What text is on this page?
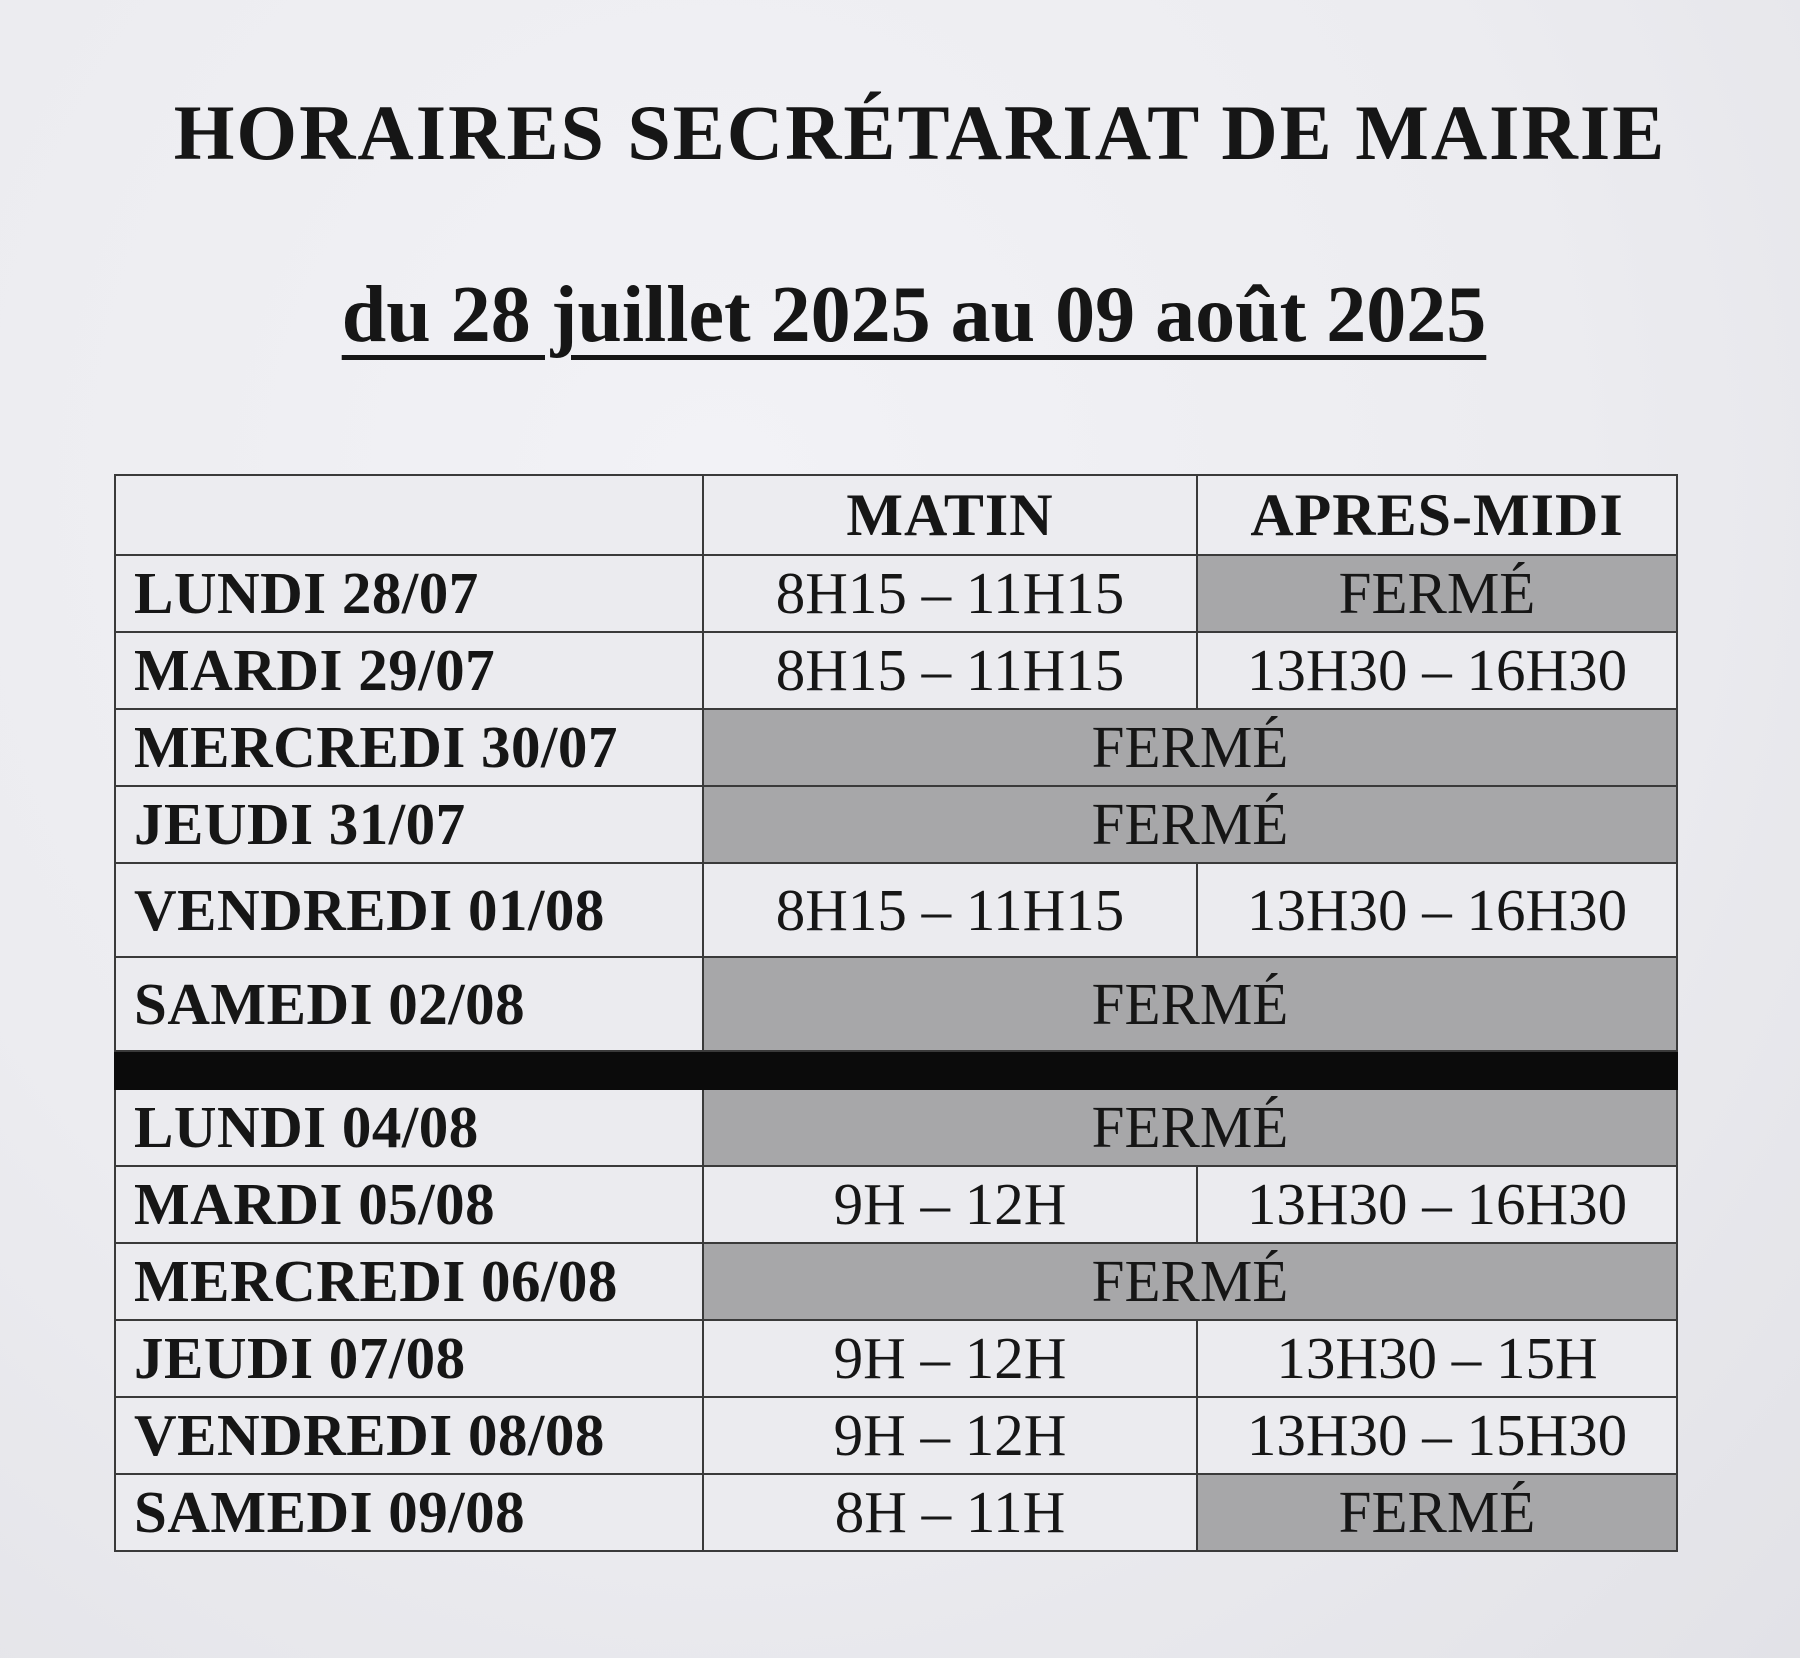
HORAIRES SECRÉTARIAT DE MAIRIE
du 28 juillet 2025 au 09 août 2025
	MATIN	APRES-MIDI
LUNDI 28/07	8H15 – 11H15	FERMÉ
MARDI 29/07	8H15 – 11H15	13H30 – 16H30
MERCREDI 30/07	FERMÉ	
JEUDI 31/07	FERMÉ	
VENDREDI 01/08	8H15 – 11H15	13H30 – 16H30
SAMEDI 02/08	FERMÉ	

LUNDI 04/08	FERMÉ	
MARDI 05/08	9H – 12H	13H30 – 16H30
MERCREDI 06/08	FERMÉ	
JEUDI 07/08	9H – 12H	13H30 – 15H
VENDREDI 08/08	9H – 12H	13H30 – 15H30
SAMEDI 09/08	8H – 11H	FERMÉ
